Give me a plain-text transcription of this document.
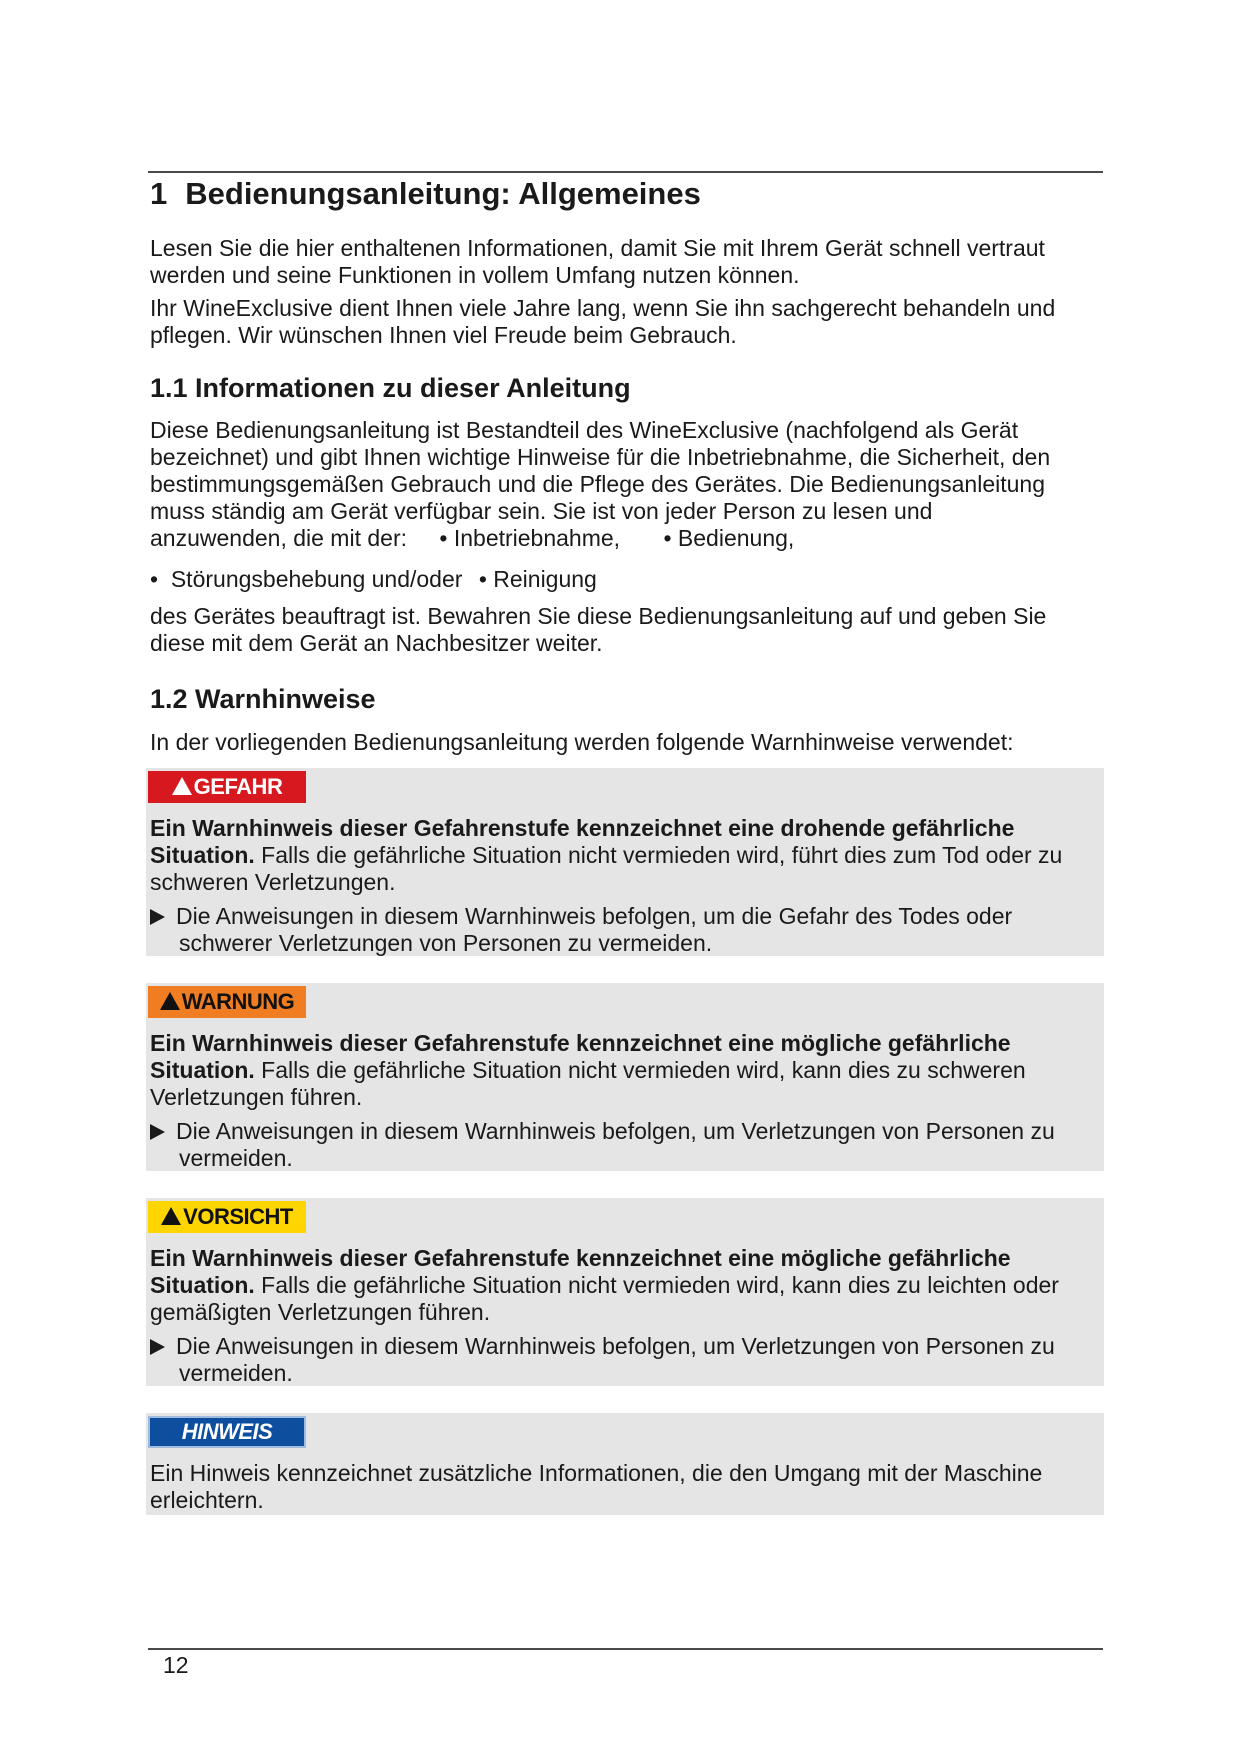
1 Bedienungsanleitung: Allgemeines

Lesen Sie die hier enthaltenen Informationen, damit Sie mit Ihrem Gerät schnell vertraut werden und seine Funktionen in vollem Umfang nutzen können.

Ihr WineExclusive dient Ihnen viele Jahre lang, wenn Sie ihn sachgerecht behandeln und pflegen. Wir wünschen Ihnen viel Freude beim Gebrauch.

1.1 Informationen zu dieser Anleitung

Diese Bedienungsanleitung ist Bestandteil des WineExclusive (nachfolgend als Gerät bezeichnet) und gibt Ihnen wichtige Hinweise für die Inbetriebnahme, die Sicherheit, den bestimmungsgemäßen Gebrauch und die Pflege des Gerätes. Die Bedienungsanleitung muss ständig am Gerät verfügbar sein. Sie ist von jeder Person zu lesen und

anzuwenden, die mit der: • Inbetriebnahme, • Bedienung,
•  Störungsbehebung und/oder • Reinigung

des Gerätes beauftragt ist. Bewahren Sie diese Bedienungsanleitung auf und geben Sie diese mit dem Gerät an Nachbesitzer weiter.

1.2 Warnhinweise

In der vorliegenden Bedienungsanleitung werden folgende Warnhinweise verwendet:

GEFAHR
Ein Warnhinweis dieser Gefahrenstufe kennzeichnet eine drohende gefährliche Situation. Falls die gefährliche Situation nicht vermieden wird, führt dies zum Tod oder zu schweren Verletzungen.
Die Anweisungen in diesem Warnhinweis befolgen, um die Gefahr des Todes oder schwerer Verletzungen von Personen zu vermeiden.
WARNUNG
Ein Warnhinweis dieser Gefahrenstufe kennzeichnet eine mögliche gefährliche Situation. Falls die gefährliche Situation nicht vermieden wird, kann dies zu schweren Verletzungen führen.
Die Anweisungen in diesem Warnhinweis befolgen, um Verletzungen von Personen zu vermeiden.
VORSICHT
Ein Warnhinweis dieser Gefahrenstufe kennzeichnet eine mögliche gefährliche Situation. Falls die gefährliche Situation nicht vermieden wird, kann dies zu leichten oder gemäßigten Verletzungen führen.
Die Anweisungen in diesem Warnhinweis befolgen, um Verletzungen von Personen zu vermeiden.
HINWEIS
Ein Hinweis kennzeichnet zusätzliche Informationen, die den Umgang mit der Maschine erleichtern.
12
